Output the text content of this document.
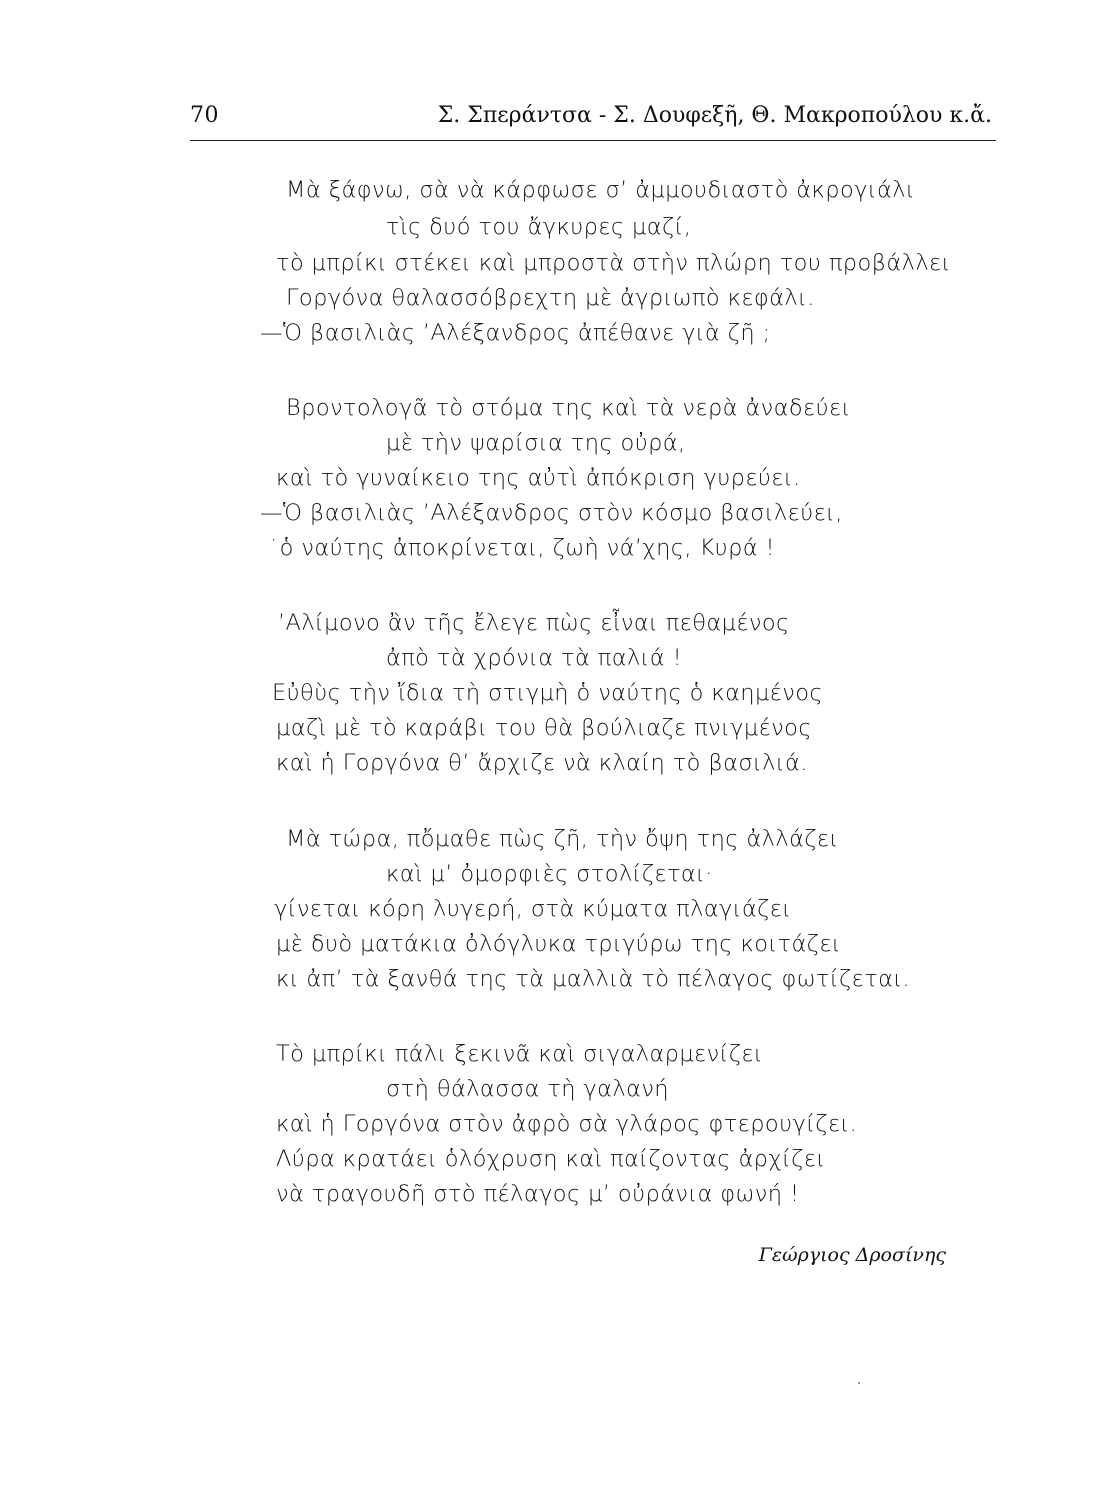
70	Σ. Σπεράντσα - Σ. Δουφεξῆ, Θ. Μακροπούλου κ.ἄ.
Μὰ ξάφνω, σὰ νὰ κάρφωσε σ’ ἀμμουδιαστὸ ἀκρογιάλι
τὶς δυό του ἄγκυρες μαζί,
τὸ μπρίκι στέκει καὶ μπροστὰ στὴν πλώρη του προβάλλει
Γοργόνα θαλασσόβρεχτη μὲ ἀγριωπὸ κεφάλι.
—Ὁ βασιλιὰς ’Αλέξανδρος ἀπέθανε γιὰ ζῆ ;
Βροντολογᾶ τὸ στόμα της καὶ τὰ νερὰ ἀναδεύει
μὲ τὴν ψαρίσια της οὐρά,
καὶ τὸ γυναίκειο της αὐτὶ ἀπόκριση γυρεύει.
—Ὁ βασιλιὰς ’Αλέξανδρος στὸν κόσμο βασιλεύει,
˙ὁ ναύτης ἀποκρίνεται, ζωὴ νά’χης, Κυρά !
’Αλίμονο ἂν τῆς ἔλεγε πὼς εἶναι πεθαμένος
ἀπὸ τὰ χρόνια τὰ παλιά !
Εὐθὺς τὴν ἴδια τὴ στιγμὴ ὁ ναύτης ὁ καημένος
μαζὶ μὲ τὸ καράβι του θὰ βούλιαζε πνιγμένος
καὶ ἡ Γοργόνα θ’ ἄρχιζε νὰ κλαίη τὸ βασιλιά.
Μὰ τώρα, πὄμαθε πὼς ζῆ, τὴν ὄψη της ἀλλάζει
καὶ μ’ ὀμορφιὲς στολίζεται·
γίνεται κόρη λυγερή, στὰ κύματα πλαγιάζει
μὲ δυὸ ματάκια ὀλόγλυκα τριγύρω της κοιτάζει
κι ἀπ’ τὰ ξανθά της τὰ μαλλιὰ τὸ πέλαγος φωτίζεται.
Τὸ μπρίκι πάλι ξεκινᾶ καὶ σιγαλαρμενίζει
στὴ θάλασσα τὴ γαλανή
καὶ ἡ Γοργόνα στὸν ἀφρὸ σὰ γλάρος φτερουγίζει.
Λύρα κρατάει ὁλόχρυση καὶ παίζοντας ἀρχίζει
νὰ τραγουδῆ στὸ πέλαγος μ’ οὐράνια φωνή !
Γεώργιος Δροσίνης
